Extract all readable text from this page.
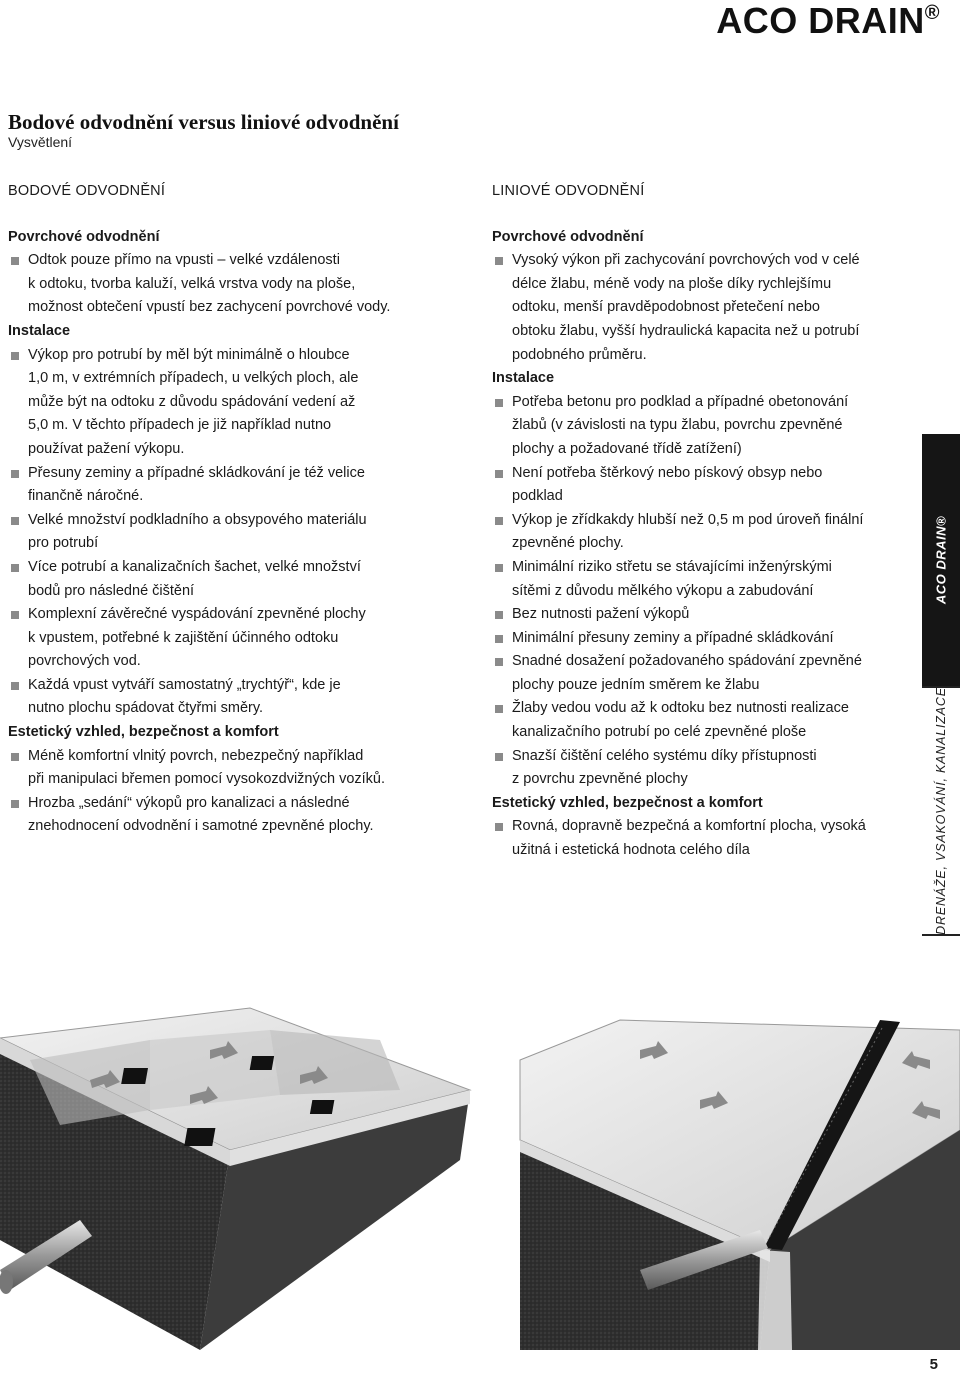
ACO DRAIN®
Bodové odvodnění versus liniové odvodnění
Vysvětlení
BODOVÉ ODVODNĚNÍ
Povrchové odvodnění
Odtok pouze přímo na vpusti – velké vzdálenosti
k odtoku, tvorba kaluží, velká vrstva vody na ploše,
možnost obtečení vpustí bez zachycení povrchové vody.
Instalace
Výkop pro potrubí by měl být minimálně o hloubce
1,0 m, v extrémních případech, u velkých ploch, ale
může být na odtoku z důvodu spádování vedení až
5,0 m. V těchto případech je již například nutno
používat pažení výkopu.
Přesuny zeminy a případné skládkování je též velice
finančně náročné.
Velké množství podkladního a obsypového materiálu
pro potrubí
Více potrubí a kanalizačních šachet, velké množství
bodů pro následné čištění
Komplexní závěrečné vyspádování zpevněné plochy
k vpustem, potřebné k zajištění účinného odtoku
povrchových vod.
Každá vpust vytváří samostatný „trychtýř“, kde je
nutno plochu spádovat čtyřmi směry.
Estetický vzhled, bezpečnost a komfort
Méně komfortní vlnitý povrch, nebezpečný například
při manipulaci břemen pomocí vysokozdvižných vozíků.
Hrozba „sedání“ výkopů pro kanalizaci a následné
znehodnocení odvodnění i samotné zpevněné plochy.
LINIOVÉ ODVODNĚNÍ
Povrchové odvodnění
Vysoký výkon při zachycování povrchových vod v celé
délce žlabu, méně vody na ploše díky rychlejšímu
odtoku, menší pravděpodobnost přetečení nebo
obtoku žlabu, vyšší hydraulická kapacita než u potrubí
podobného průměru.
Instalace
Potřeba betonu pro podklad a případné obetonování
žlabů (v závislosti na typu žlabu, povrchu zpevněné
plochy a požadované třídě zatížení)
Není potřeba štěrkový nebo pískový obsyp nebo
podklad
Výkop je zřídkakdy hlubší než 0,5 m pod úroveň finální
zpevněné plochy.
Minimální riziko střetu se stávajícími inženýrskými
sítěmi z důvodu mělkého výkopu a zabudování
Bez nutnosti pažení výkopů
Minimální přesuny zeminy a případné skládkování
Snadné dosažení požadovaného spádování zpevněné
plochy pouze jedním směrem ke žlabu
Žlaby vedou vodu až k odtoku bez nutnosti realizace
kanalizačního potrubí po celé zpevněné ploše
Snazší čištění celého systému díky přístupnosti
z povrchu zpevněné plochy
Estetický vzhled, bezpečnost a komfort
Rovná, dopravně bezpečná a komfortní plocha, vysoká
užitná i estetická hodnota celého díla
ACO DRAIN®
DRENÁŽE, VSAKOVÁNÍ, KANALIZACE
5
